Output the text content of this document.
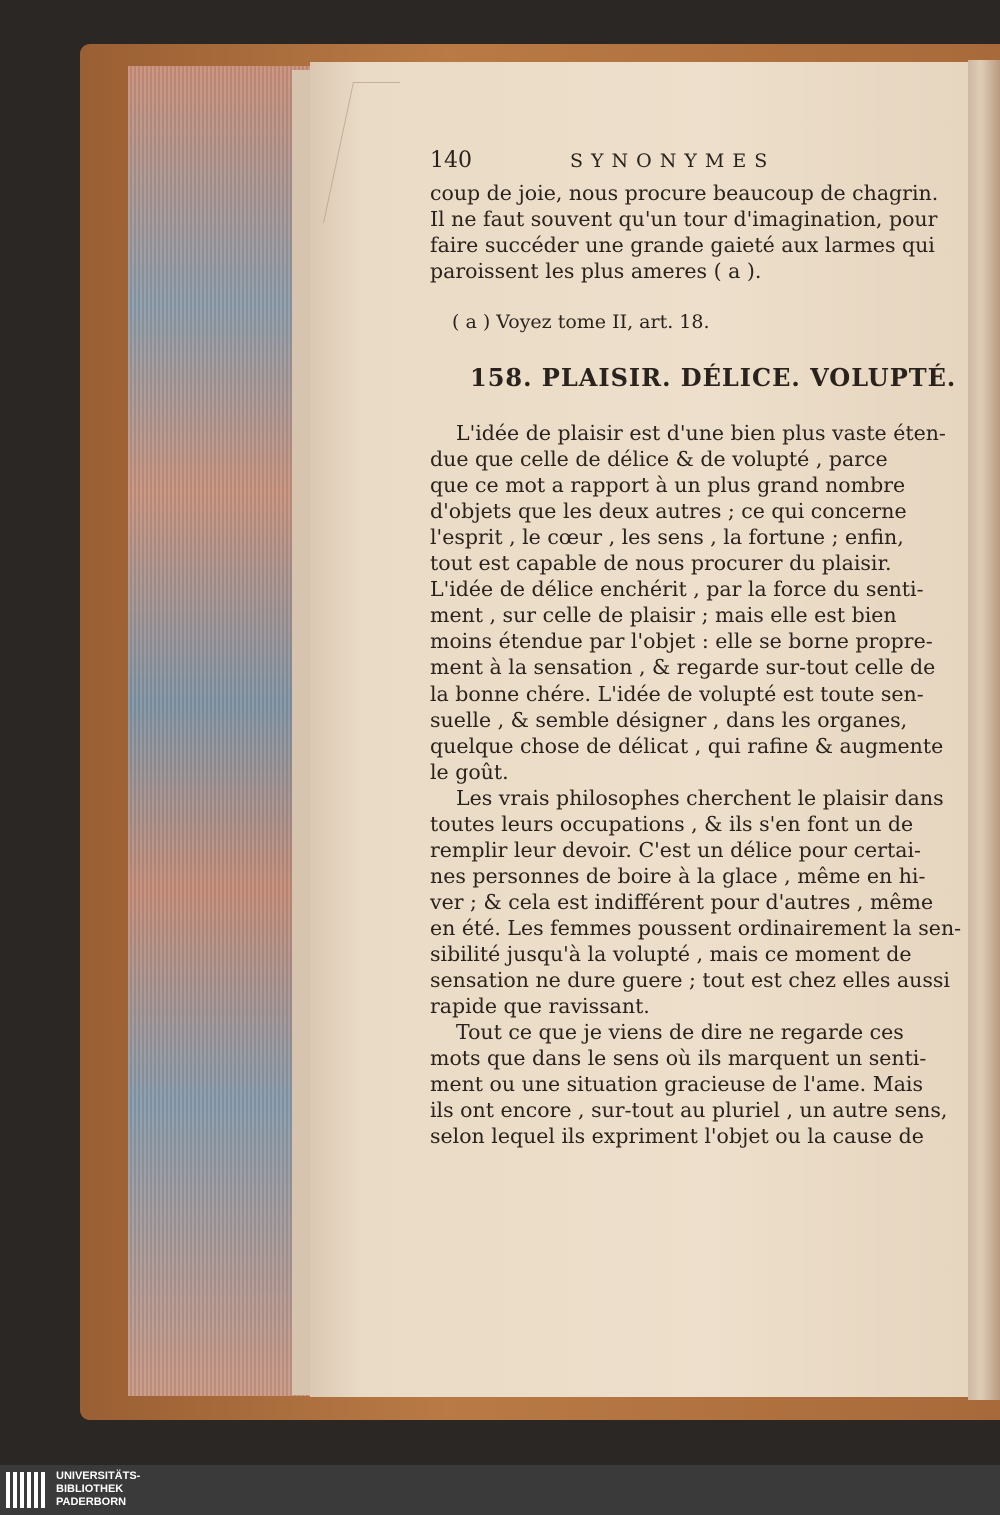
140	SYNONYMES
coup de joie, nous procure beaucoup de chagrin.
Il ne faut souvent qu'un tour d'imagination, pour
faire succéder une grande gaieté aux larmes qui
paroissent les plus ameres ( a ).
( a ) Voyez tome II, art. 18.
158. PLAISIR. DÉLICE. VOLUPTÉ.
L'idée de plaisir est d'une bien plus vaste éten-
due que celle de délice & de volupté , parce
que ce mot a rapport à un plus grand nombre
d'objets que les deux autres ; ce qui concerne
l'esprit , le cœur , les sens , la fortune ; enfin,
tout est capable de nous procurer du plaisir.
L'idée de délice enchérit , par la force du senti-
ment , sur celle de plaisir ; mais elle est bien
moins étendue par l'objet : elle se borne propre-
ment à la sensation , & regarde sur-tout celle de
la bonne chére. L'idée de volupté est toute sen-
suelle , & semble désigner , dans les organes,
quelque chose de délicat , qui rafine & augmente
le goût.
Les vrais philosophes cherchent le plaisir dans
toutes leurs occupations , & ils s'en font un de
remplir leur devoir. C'est un délice pour certai-
nes personnes de boire à la glace , même en hi-
ver ; & cela est indifférent pour d'autres , même
en été. Les femmes poussent ordinairement la sen-
sibilité jusqu'à la volupté , mais ce moment de
sensation ne dure guere ; tout est chez elles aussi
rapide que ravissant.
Tout ce que je viens de dire ne regarde ces
mots que dans le sens où ils marquent un senti-
ment ou une situation gracieuse de l'ame. Mais
ils ont encore , sur-tout au pluriel , un autre sens,
selon lequel ils expriment l'objet ou la cause de
UNIVERSITÄTS-
BIBLIOTHEK
PADERBORN
